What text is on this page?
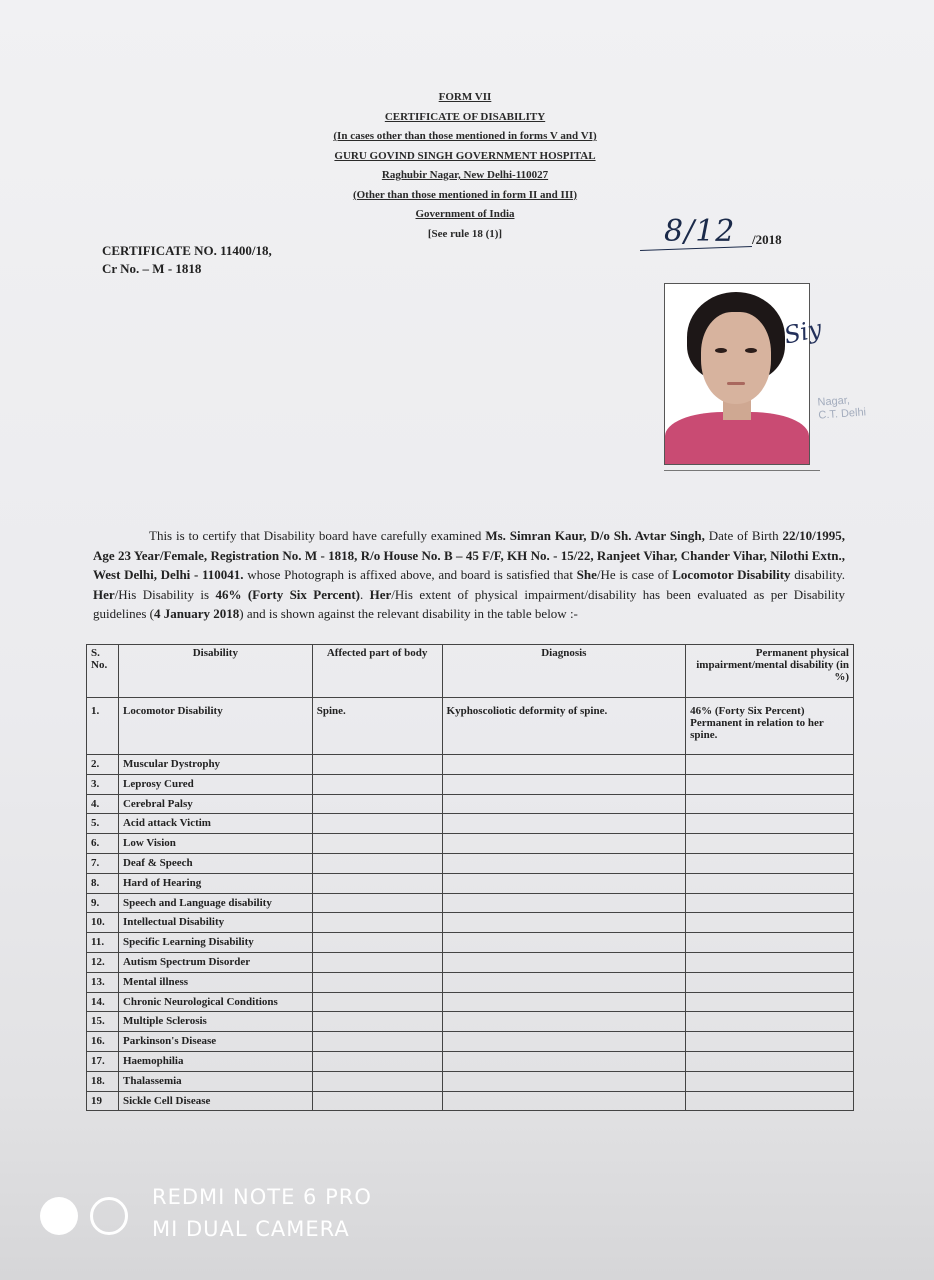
FORM VII
CERTIFICATE OF DISABILITY
(In cases other than those mentioned in forms V and VI)
GURU GOVIND SINGH GOVERNMENT HOSPITAL
Raghubir Nagar, New Delhi-110027
(Other than those mentioned in form II and III)
Government of India
[See rule 18 (1)]
CERTIFICATE NO. 11400/18,
Cr No. – M - 1818
8/12 /2018
Siy
Nagar,
C.T. Delhi

This is to certify that Disability board have carefully examined Ms. Simran Kaur, D/o Sh. Avtar Singh, Date of Birth 22/10/1995, Age 23 Year/Female, Registration No. M - 1818, R/o House No. B – 45 F/F, KH No. - 15/22, Ranjeet Vihar, Chander Vihar, Nilothi Extn., West Delhi, Delhi - 110041. whose Photograph is affixed above, and board is satisfied that She/He is case of Locomotor Disability disability. Her/His Disability is 46% (Forty Six Percent). Her/His extent of physical impairment/disability has been evaluated as per Disability guidelines (4 January 2018) and is shown against the relevant disability in the table below :-

S. No.	Disability	Affected part of body	Diagnosis	Permanent physical impairment/mental disability (in %)
1.	Locomotor Disability	Spine.	Kyphoscoliotic deformity of spine.	46% (Forty Six Percent) Permanent in relation to her spine.
2.	Muscular Dystrophy			
3.	Leprosy Cured			
4.	Cerebral Palsy			
5.	Acid attack Victim			
6.	Low Vision			
7.	Deaf & Speech			
8.	Hard of Hearing			
9.	Speech and Language disability			
10.	Intellectual Disability			
11.	Specific Learning Disability			
12.	Autism Spectrum Disorder			
13.	Mental illness			
14.	Chronic Neurological Conditions			
15.	Multiple Sclerosis			
16.	Parkinson's Disease			
17.	Haemophilia			
18.	Thalassemia			
19	Sickle Cell Disease			
REDMI NOTE 6 PRO
MI DUAL CAMERA
